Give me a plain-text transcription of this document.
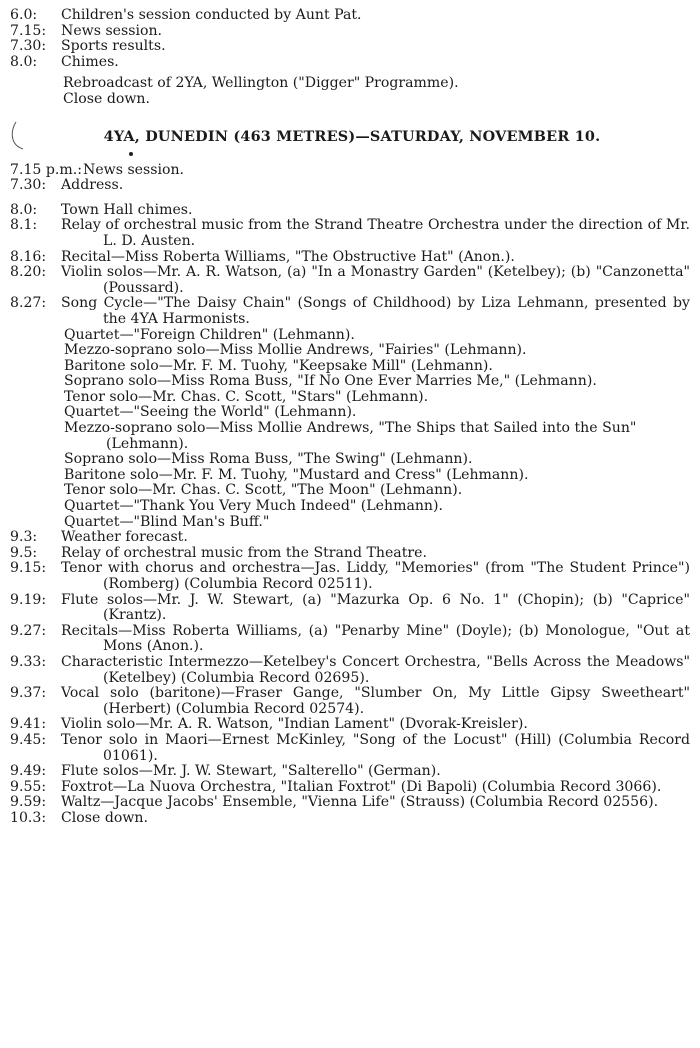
6.0: Children's session conducted by Aunt Pat.

7.15: News session.

7.30: Sports results.

8.0: Chimes.

Rebroadcast of 2YA, Wellington ("Digger" Programme).

Close down.

4YA, DUNEDIN (463 METRES)—SATURDAY, NOVEMBER 10.

7.15 p.m.: News session.

7.30: Address.

8.0: Town Hall chimes.

8.1: Relay of orchestral music from the Strand Theatre Orchestra under the direction of Mr. L. D. Austen.

8.16: Recital—Miss Roberta Williams, "The Obstructive Hat" (Anon.).

8.20: Violin solos—Mr. A. R. Watson, (a) "In a Monastry Garden" (Ketelbey); (b) "Canzonetta" (Poussard).

8.27: Song Cycle—"The Daisy Chain" (Songs of Childhood) by Liza Lehmann, presented by the 4YA Harmonists.

Quartet—"Foreign Children" (Lehmann).

Mezzo-soprano solo—Miss Mollie Andrews, "Fairies" (Lehmann).

Baritone solo—Mr. F. M. Tuohy, "Keepsake Mill" (Lehmann).

Soprano solo—Miss Roma Buss, "If No One Ever Marries Me," (Lehmann).

Tenor solo—Mr. Chas. C. Scott, "Stars" (Lehmann).

Quartet—"Seeing the World" (Lehmann).

Mezzo-soprano solo—Miss Mollie Andrews, "The Ships that Sailed into the Sun" (Lehmann).

Soprano solo—Miss Roma Buss, "The Swing" (Lehmann).

Baritone solo—Mr. F. M. Tuohy, "Mustard and Cress" (Lehmann).

Tenor solo—Mr. Chas. C. Scott, "The Moon" (Lehmann).

Quartet—"Thank You Very Much Indeed" (Lehmann).

Quartet—"Blind Man's Buff."

9.3: Weather forecast.

9.5: Relay of orchestral music from the Strand Theatre.

9.15: Tenor with chorus and orchestra—Jas. Liddy, "Memories" (from "The Student Prince") (Romberg) (Columbia Record 02511).

9.19: Flute solos—Mr. J. W. Stewart, (a) "Mazurka Op. 6 No. 1" (Chopin); (b) "Caprice" (Krantz).

9.27: Recitals—Miss Roberta Williams, (a) "Penarby Mine" (Doyle); (b) Monologue, "Out at Mons (Anon.).

9.33: Characteristic Intermezzo—Ketelbey's Concert Orchestra, "Bells Across the Meadows" (Ketelbey) (Columbia Record 02695).

9.37: Vocal solo (baritone)—Fraser Gange, "Slumber On, My Little Gipsy Sweetheart" (Herbert) (Columbia Record 02574).

9.41: Violin solo—Mr. A. R. Watson, "Indian Lament" (Dvorak-Kreisler).

9.45: Tenor solo in Maori—Ernest McKinley, "Song of the Locust" (Hill) (Columbia Record 01061).

9.49: Flute solos—Mr. J. W. Stewart, "Salterello" (German).

9.55: Foxtrot—La Nuova Orchestra, "Italian Foxtrot" (Di Bapoli) (Columbia Record 3066).

9.59: Waltz—Jacque Jacobs' Ensemble, "Vienna Life" (Strauss) (Columbia Record 02556).

10.3: Close down.
